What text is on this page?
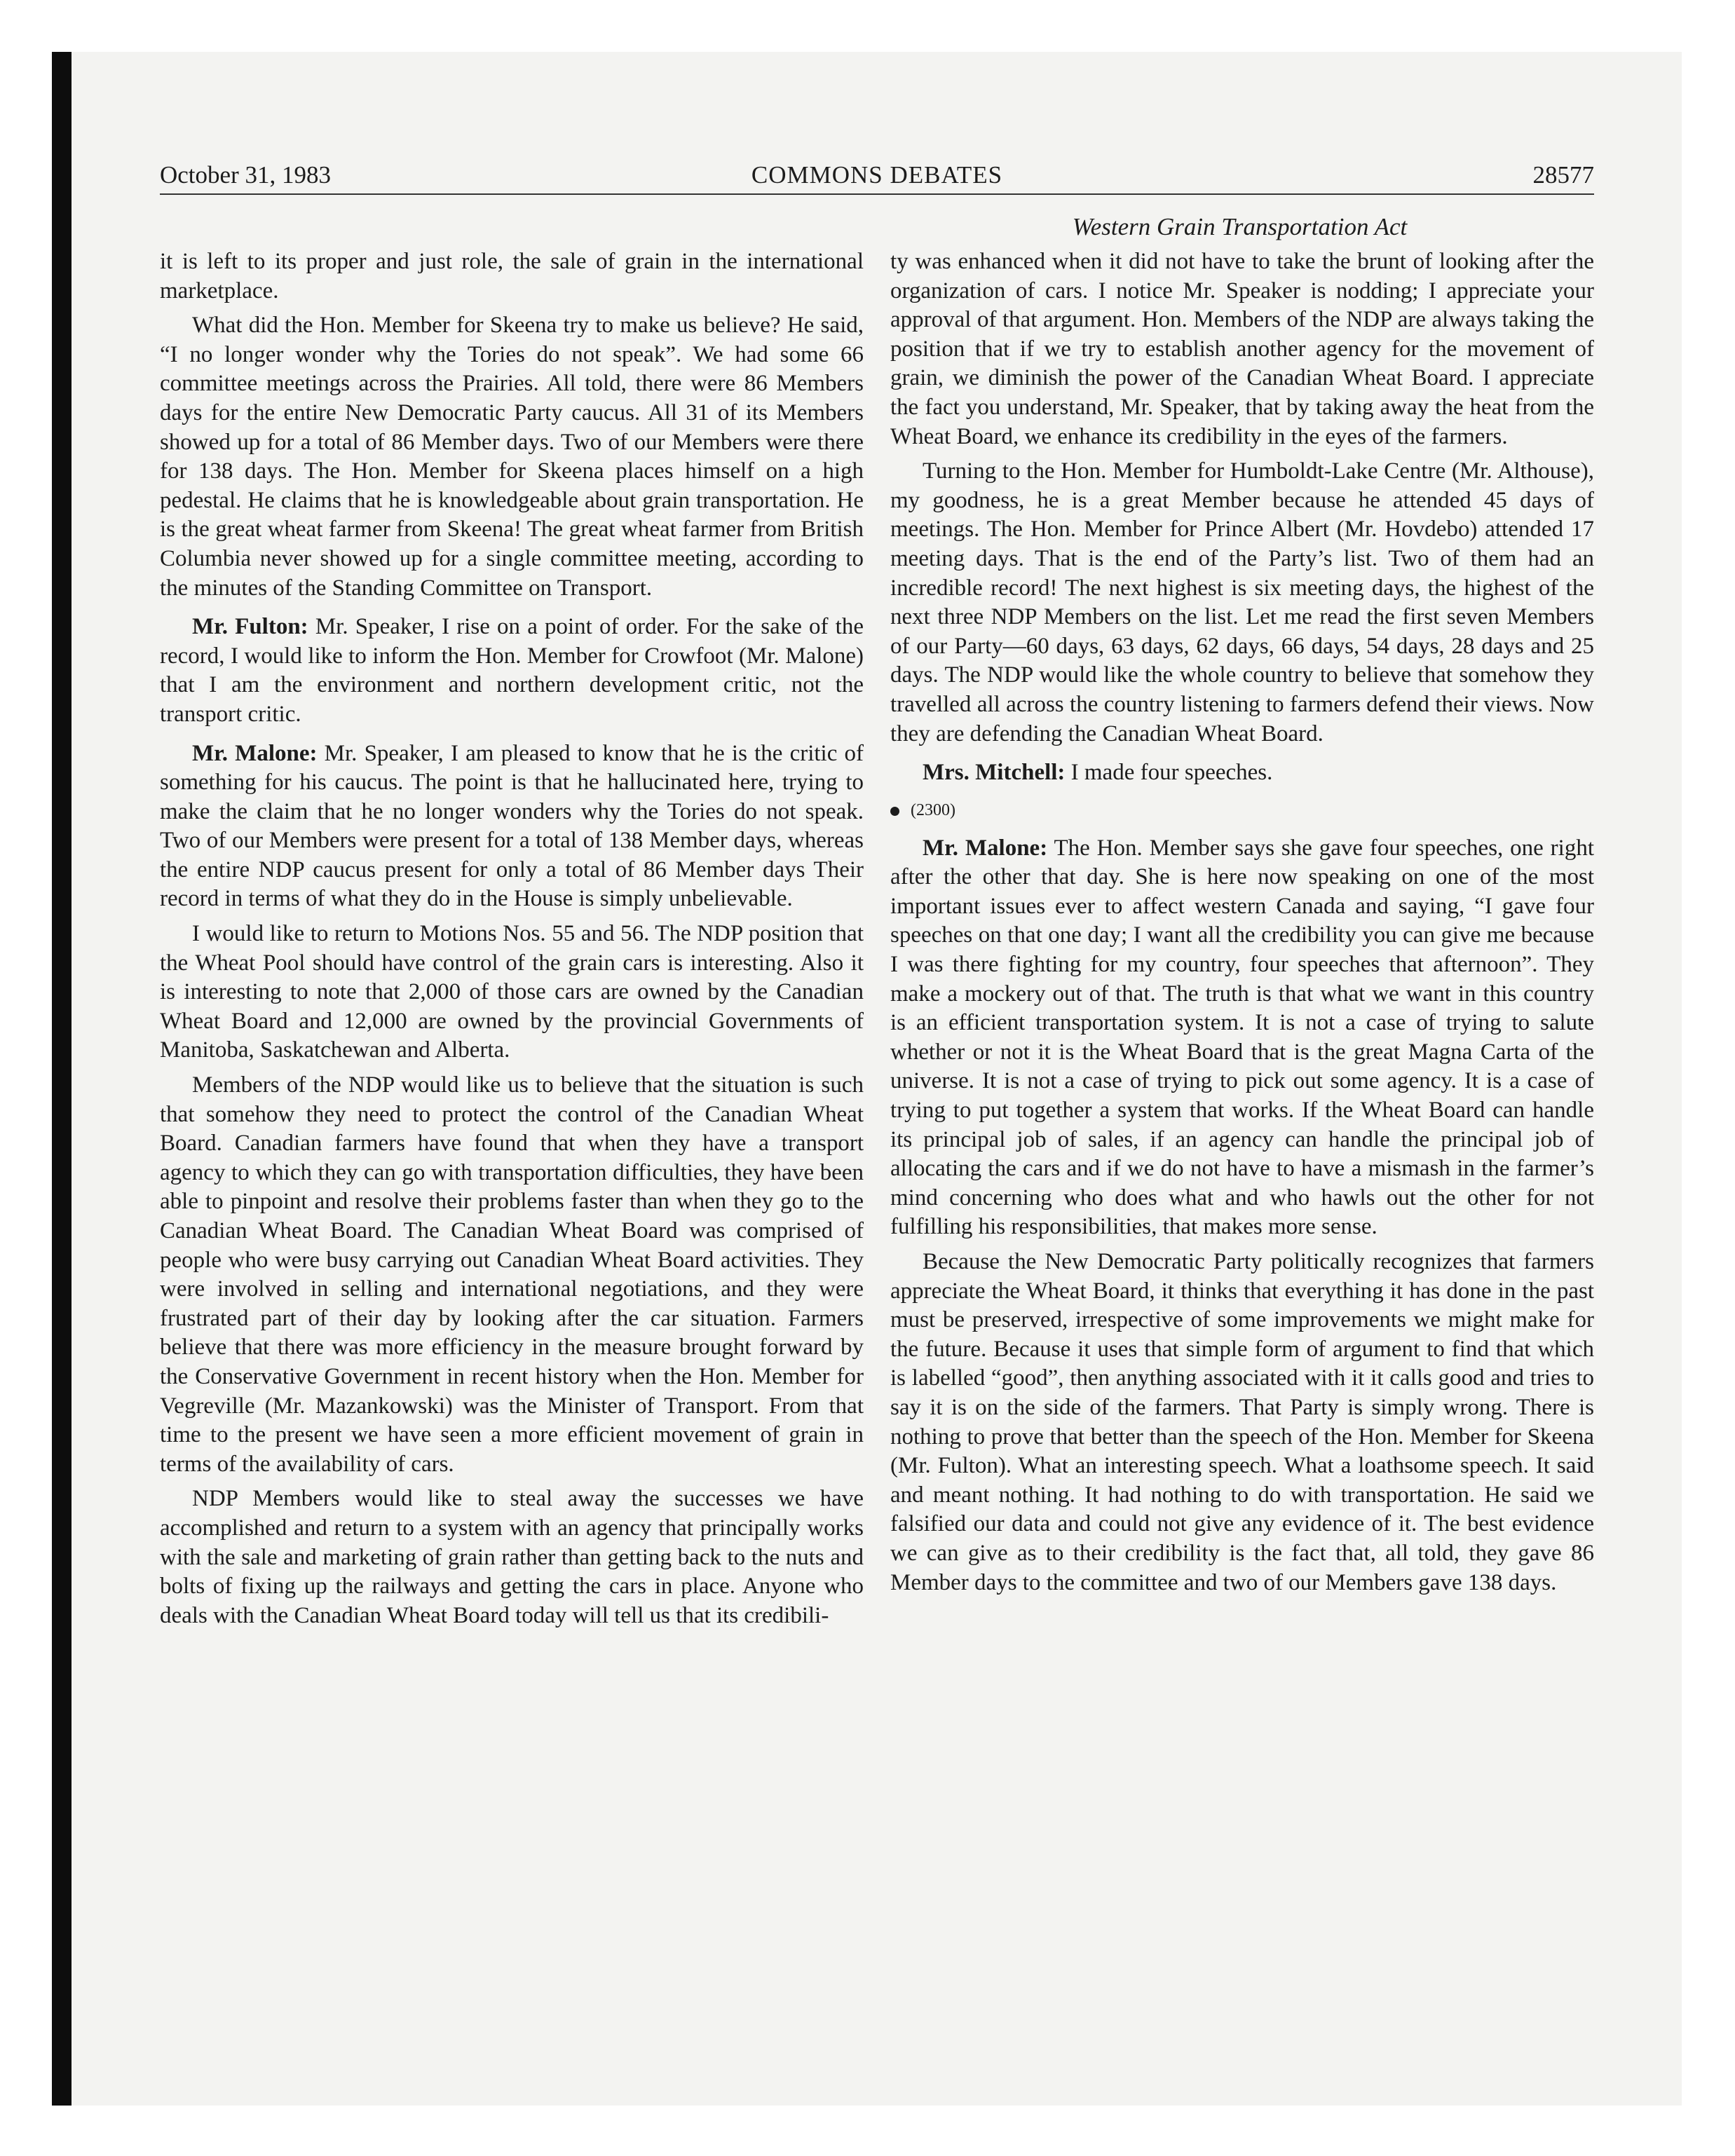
October 31, 1983	COMMONS DEBATES	28577
Western Grain Transportation Act

it is left to its proper and just role, the sale of grain in the international marketplace.

What did the Hon. Member for Skeena try to make us believe? He said, “I no longer wonder why the Tories do not speak”. We had some 66 committee meetings across the Prairies. All told, there were 86 Members days for the entire New Democratic Party caucus. All 31 of its Members showed up for a total of 86 Member days. Two of our Members were there for 138 days. The Hon. Member for Skeena places himself on a high pedestal. He claims that he is knowledgeable about grain transportation. He is the great wheat farmer from Skeena! The great wheat farmer from British Columbia never showed up for a single committee meeting, according to the minutes of the Standing Committee on Transport.

Mr. Fulton: Mr. Speaker, I rise on a point of order. For the sake of the record, I would like to inform the Hon. Member for Crowfoot (Mr. Malone) that I am the environment and northern development critic, not the transport critic.

Mr. Malone: Mr. Speaker, I am pleased to know that he is the critic of something for his caucus. The point is that he hallucinated here, trying to make the claim that he no longer wonders why the Tories do not speak. Two of our Members were present for a total of 138 Member days, whereas the entire NDP caucus present for only a total of 86 Member days Their record in terms of what they do in the House is simply unbelievable.

I would like to return to Motions Nos. 55 and 56. The NDP position that the Wheat Pool should have control of the grain cars is interesting. Also it is interesting to note that 2,000 of those cars are owned by the Canadian Wheat Board and 12,000 are owned by the provincial Governments of Manitoba, Saskatchewan and Alberta.

Members of the NDP would like us to believe that the situation is such that somehow they need to protect the control of the Canadian Wheat Board. Canadian farmers have found that when they have a transport agency to which they can go with transportation difficulties, they have been able to pinpoint and resolve their problems faster than when they go to the Canadian Wheat Board. The Canadian Wheat Board was comprised of people who were busy carrying out Canadian Wheat Board activities. They were involved in selling and international negotiations, and they were frustrated part of their day by looking after the car situation. Farmers believe that there was more efficiency in the measure brought forward by the Conservative Government in recent history when the Hon. Member for Vegreville (Mr. Mazankowski) was the Minister of Transport. From that time to the present we have seen a more efficient movement of grain in terms of the availability of cars.

NDP Members would like to steal away the successes we have accomplished and return to a system with an agency that principally works with the sale and marketing of grain rather than getting back to the nuts and bolts of fixing up the railways and getting the cars in place. Anyone who deals with the Canadian Wheat Board today will tell us that its credibili-

ty was enhanced when it did not have to take the brunt of looking after the organization of cars. I notice Mr. Speaker is nodding; I appreciate your approval of that argument. Hon. Members of the NDP are always taking the position that if we try to establish another agency for the movement of grain, we diminish the power of the Canadian Wheat Board. I appreciate the fact you understand, Mr. Speaker, that by taking away the heat from the Wheat Board, we enhance its credibility in the eyes of the farmers.

Turning to the Hon. Member for Humboldt-Lake Centre (Mr. Althouse), my goodness, he is a great Member because he attended 45 days of meetings. The Hon. Member for Prince Albert (Mr. Hovdebo) attended 17 meeting days. That is the end of the Party’s list. Two of them had an incredible record! The next highest is six meeting days, the highest of the next three NDP Members on the list. Let me read the first seven Members of our Party—60 days, 63 days, 62 days, 66 days, 54 days, 28 days and 25 days. The NDP would like the whole country to believe that somehow they travelled all across the country listening to farmers defend their views. Now they are defending the Canadian Wheat Board.

Mrs. Mitchell: I made four speeches.

(2300)

Mr. Malone: The Hon. Member says she gave four speeches, one right after the other that day. She is here now speaking on one of the most important issues ever to affect western Canada and saying, “I gave four speeches on that one day; I want all the credibility you can give me because I was there fighting for my country, four speeches that afternoon”. They make a mockery out of that. The truth is that what we want in this country is an efficient transportation system. It is not a case of trying to salute whether or not it is the Wheat Board that is the great Magna Carta of the universe. It is not a case of trying to pick out some agency. It is a case of trying to put together a system that works. If the Wheat Board can handle its principal job of sales, if an agency can handle the principal job of allocating the cars and if we do not have to have a mismash in the farmer’s mind concerning who does what and who hawls out the other for not fulfilling his responsibilities, that makes more sense.

Because the New Democratic Party politically recognizes that farmers appreciate the Wheat Board, it thinks that everything it has done in the past must be preserved, irrespective of some improvements we might make for the future. Because it uses that simple form of argument to find that which is labelled “good”, then anything associated with it it calls good and tries to say it is on the side of the farmers. That Party is simply wrong. There is nothing to prove that better than the speech of the Hon. Member for Skeena (Mr. Fulton). What an interesting speech. What a loathsome speech. It said and meant nothing. It had nothing to do with transportation. He said we falsified our data and could not give any evidence of it. The best evidence we can give as to their credibility is the fact that, all told, they gave 86 Member days to the committee and two of our Members gave 138 days.
